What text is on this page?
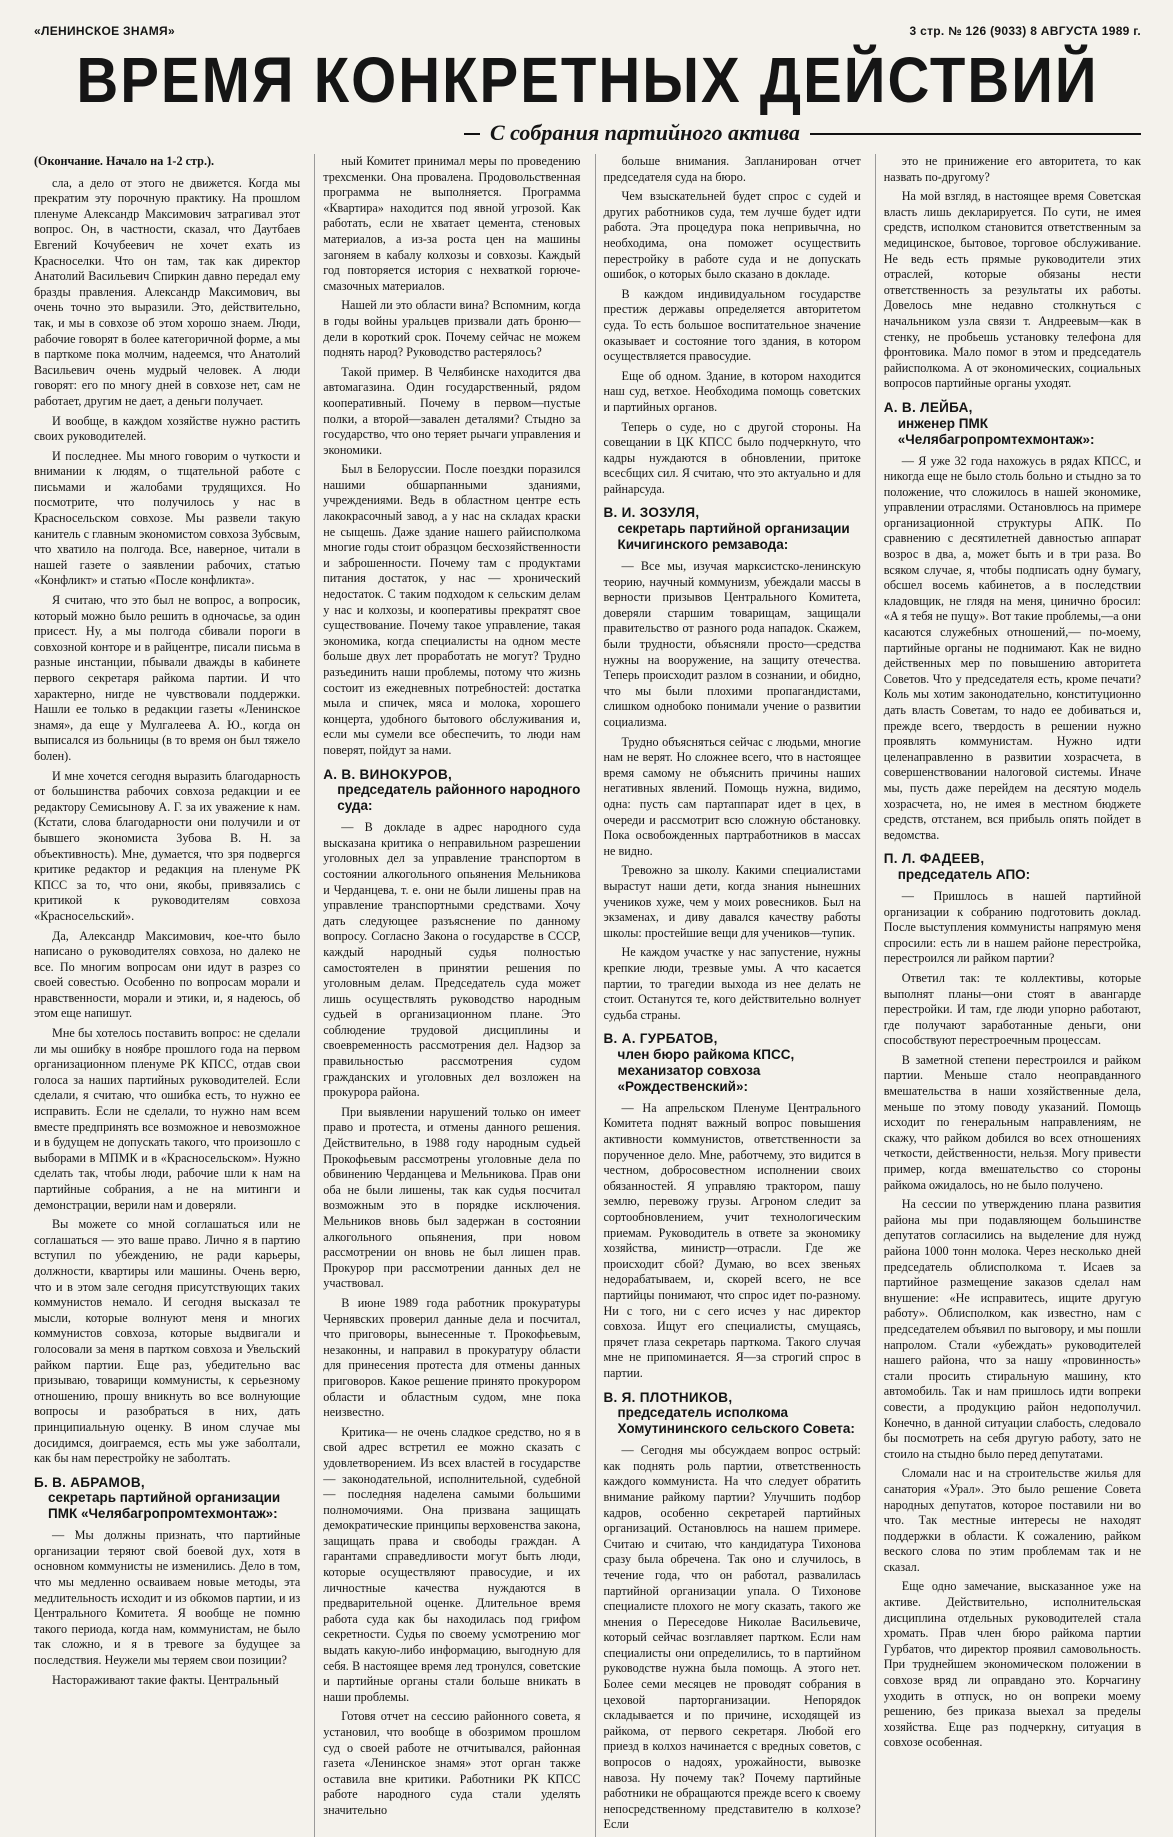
«ЛЕНИНСКОЕ ЗНАМЯ»	3 стр. № 126 (9033) 8 АВГУСТА 1989 г.
ВРЕМЯ КОНКРЕТНЫХ ДЕЙСТВИЙ
С собрания партийного актива

(Окончание. Начало на 1-2 стр.).

сла, а дело от этого не движется. Когда мы прекратим эту порочную практику. На прошлом пленуме Александр Максимович затрагивал этот вопрос. Он, в частности, сказал, что Даутбаев Евгений Кочубеевич не хочет ехать из Красноселки. Что он там, так как директор Анатолий Васильевич Спиркин давно передал ему бразды правления. Александр Максимович, вы очень точно это выразили. Это, действительно, так, и мы в совхозе об этом хорошо знаем. Люди, рабочие говорят в более категоричной форме, а мы в парткоме пока молчим, надеемся, что Анатолий Васильевич очень мудрый человек. А люди говорят: его по многу дней в совхозе нет, сам не работает, другим не дает, а деньги получает.

И вообще, в каждом хозяйстве нужно растить своих руководителей.

И последнее. Мы много говорим о чуткости и внимании к людям, о тщательной работе с письмами и жалобами трудящихся. Но посмотрите, что получилось у нас в Красносельском совхозе. Мы развели такую канитель с главным экономистом совхоза Зубсвым, что хватило на полгода. Все, наверное, читали в нашей газете о заявлении рабочих, статью «Конфликт» и статью «После конфликта».

Я считаю, что это был не вопрос, а вопросик, который можно было решить в одночасье, за один присест. Ну, а мы полгода сбивали пороги в совхозной конторе и в райцентре, писали письма в разные инстанции, пбывали дважды в кабинете первого секретаря райкома партии. И что характерно, нигде не чувствовали поддержки. Нашли ее только в редакции газеты «Ленинское знамя», да еще у Мулгалеева А. Ю., когда он выписался из больницы (в то время он был тяжело болен).

И мне хочется сегодня выразить благодарность от большинства рабочих совхоза редакции и ее редактору Семисынову А. Г. за их уважение к нам. (Кстати, слова благодарности они получили и от бывшего экономиста Зубова В. Н. за объективность). Мне, думается, что зря подвергся критике редактор и редакция на пленуме РК КПСС за то, что они, якобы, привязались с критикой к руководителям совхоза «Красносельский».

Да, Александр Максимович, кое-что было написано о руководителях совхоза, но далеко не все. По многим вопросам они идут в разрез со своей совестью. Особенно по вопросам морали и нравственности, морали и этики, и, я надеюсь, об этом еще напишут.

Мне бы хотелось поставить вопрос: не сделали ли мы ошибку в ноябре прошлого года на первом организационном пленуме РК КПСС, отдав свои голоса за наших партийных руководителей. Если сделали, я считаю, что ошибка есть, то нужно ее исправить. Если не сделали, то нужно нам всем вместе предпринять все возможное и невозможное и в будущем не допускать такого, что произошло с выборами в МПМК и в «Красносельском». Нужно сделать так, чтобы люди, рабочие шли к нам на партийные собрания, а не на митинги и демонстрации, верили нам и доверяли.

Вы можете со мной соглашаться или не соглашаться — это ваше право. Лично я в партию вступил по убеждению, не ради карьеры, должности, квартиры или машины. Очень верю, что и в этом зале сегодня присутствующих таких коммунистов немало. И сегодня высказал те мысли, которые волнуют меня и многих коммунистов совхоза, которые выдвигали и голосовали за меня в партком совхоза и Увельский райком партии. Еще раз, убедительно вас призываю, товарищи коммунисты, к серьезному отношению, прошу вникнуть во все волнующие вопросы и разобраться в них, дать принципиальную оценку. В ином случае мы досидимся, доиграемся, есть мы уже заболтали, как бы нам перестройку не заболтать.

Б. В. АБРАМОВ,
секретарь партийной организации ПМК «Челябагропромтехмонтаж»:

— Мы должны признать, что партийные организации теряют свой боевой дух, хотя в основном коммунисты не изменились. Дело в том, что мы медленно осваиваем новые методы, эта медлительность исходит и из обкомов партии, и из Центрального Комитета. Я вообще не помню такого периода, когда нам, коммунистам, не было так сложно, и я в тревоге за будущее за последствия. Неужели мы теряем свои позиции?

Настораживают такие факты. Центральный

ный Комитет принимал меры по проведению трехсменки. Она провалена. Продовольственная программа не выполняется. Программа «Квартира» находится под явной угрозой. Как работать, если не хватает цемента, стеновых материалов, а из-за роста цен на машины загоняем в кабалу колхозы и совхозы. Каждый год повторяется история с нехваткой горюче-смазочных материалов.

Нашей ли это области вина? Вспомним, когда в годы войны уральцев призвали дать броню—дели в короткий срок. Почему сейчас не можем поднять народ? Руководство растерялось?

Такой пример. В Челябинске находится два автомагазина. Один государственный, рядом кооперативный. Почему в первом—пустые полки, а второй—завален деталями? Стыдно за государство, что оно теряет рычаги управления и экономики.

Был в Белоруссии. После поездки поразился нашими обшарпанными зданиями, учреждениями. Ведь в областном центре есть лакокрасочный завод, а у нас на складах краски не сыщешь. Даже здание нашего райисполкома многие годы стоит образцом бесхозяйственности и заброшенности. Почему там с продуктами питания достаток, у нас — хронический недостаток. С таким подходом к сельским делам у нас и колхозы, и кооперативы прекратят свое существование. Почему такое управление, такая экономика, когда специалисты на одном месте больше двух лет проработать не могут? Трудно разъединить наши проблемы, потому что жизнь состоит из ежедневных потребностей: достатка мыла и спичек, мяса и молока, хорошего концерта, удобного бытового обслуживания и, если мы сумели все обеспечить, то люди нам поверят, пойдут за нами.

А. В. ВИНОКУРОВ,
председатель районного народного суда:

— В докладе в адрес народного суда высказана критика о неправильном разрешении уголовных дел за управление транспортом в состоянии алкогольного опьянения Мельникова и Черданцева, т. е. они не были лишены прав на управление транспортными средствами. Хочу дать следующее разъяснение по данному вопросу. Согласно Закона о государстве в СССР, каждый народный судья полностью самостоятелен в принятии решения по уголовным делам. Председатель суда может лишь осуществлять руководство народным судьей в организационном плане. Это соблюдение трудовой дисциплины и своевременность рассмотрения дел. Надзор за правильностью рассмотрения судом гражданских и уголовных дел возложен на прокурора района.

При выявлении нарушений только он имеет право и протеста, и отмены данного решения. Действительно, в 1988 году народным судьей Прокофьевым рассмотрены уголовные дела по обвинению Черданцева и Мельникова. Прав они оба не были лишены, так как судья посчитал возможным это в порядке исключения. Мельников вновь был задержан в состоянии алкогольного опьянения, при новом рассмотрении он вновь не был лишен прав. Прокурор при рассмотрении данных дел не участвовал.

В июне 1989 года работник прокуратуры Чернявских проверил данные дела и посчитал, что приговоры, вынесенные т. Прокофьевым, незаконны, и направил в прокуратуру области для принесения протеста для отмены данных приговоров. Какое решение принято прокурором области и областным судом, мне пока неизвестно.

Критика— не очень сладкое средство, но я в свой адрес встретил ее можно сказать с удовлетворением. Из всех властей в государстве — законодательной, исполнительной, судебной — последняя наделена самыми большими полномочиями. Она призвана защищать демократические принципы верховенства закона, защищать права и свободы граждан. А гарантами справедливости могут быть люди, которые осуществляют правосудие, и их личностные качества нуждаются в предварительной оценке. Длительное время работа суда как бы находилась под грифом секретности. Судья по своему усмотрению мог выдать какую-либо информацию, выгодную для себя. В настоящее время лед тронулся, советские и партийные органы стали больше вникать в наши проблемы.

Готовя отчет на сессию районного совета, я установил, что вообще в обозримом прошлом суд о своей работе не отчитывался, районная газета «Ленинское знамя» этот орган также оставила вне критики. Работники РК КПСС работе народного суда стали уделять значительно

больше внимания. Запланирован отчет председателя суда на бюро.

Чем взыскательней будет спрос с судей и других работников суда, тем лучше будет идти работа. Эта процедура пока непривычна, но необходима, она поможет осуществить перестройку в работе суда и не допускать ошибок, о которых было сказано в докладе.

В каждом индивидуальном государстве престиж державы определяется авторитетом суда. То есть большое воспитательное значение оказывает и состояние того здания, в котором осуществляется правосудие.

Еще об одном. Здание, в котором находится наш суд, ветхое. Необходима помощь советских и партийных органов.

Теперь о суде, но с другой стороны. На совещании в ЦК КПСС было подчеркнуто, что кадры нуждаются в обновлении, притоке всесбщих сил. Я считаю, что это актуально и для райнарсуда.

В. И. ЗОЗУЛЯ,
секретарь партийной организации Кичигинского ремзавода:

— Все мы, изучая марксистско-ленинскую теорию, научный коммунизм, убеждали массы в верности призывов Центрального Комитета, доверяли старшим товарищам, защищали правительство от разного рода нападок. Скажем, были трудности, объясняли просто—средства нужны на вооружение, на защиту отечества. Теперь происходит разлом в сознании, и обидно, что мы были плохими пропагандистами, слишком однобоко понимали учение о развитии социализма.

Трудно объясняться сейчас с людьми, многие нам не верят. Но сложнее всего, что в настоящее время самому не объяснить причины наших негативных явлений. Помощь нужна, видимо, одна: пусть сам партаппарат идет в цех, в очереди и рассмотрит всю сложную обстановку. Пока освобожденных партработников в массах не видно.

Тревожно за школу. Какими специалистами вырастут наши дети, когда знания нынешних учеников хуже, чем у моих ровесников. Был на экзаменах, и диву давался качеству работы школы: простейшие вещи для учеников—тупик.

Не каждом участке у нас запустение, нужны крепкие люди, трезвые умы. А что касается партии, то трагедии выхода из нее делать не стоит. Останутся те, кого действительно волнует судьба страны.

В. А. ГУРБАТОВ,
член бюро райкома КПСС, механизатор совхоза «Рождественский»:

— На апрельском Пленуме Центрального Комитета поднят важный вопрос повышения активности коммунистов, ответственности за порученное дело. Мне, работчему, это видится в честном, добросовестном исполнении своих обязанностей. Я управляю трактором, пашу землю, перевожу грузы. Агроном следит за сортообновлением, учит технологическим приемам. Руководитель в ответе за экономику хозяйства, министр—отрасли. Где же происходит сбой? Думаю, во всех звеньях недорабатываем, и, скорей всего, не все партийцы понимают, что спрос идет по-разному. Ни с того, ни с сего исчез у нас директор совхоза. Ищут его специалисты, смущаясь, прячет глаза секретарь парткома. Такого случая мне не припоминается. Я—за строгий спрос в партии.

В. Я. ПЛОТНИКОВ,
председатель исполкома Хомутининского сельского Совета:

— Сегодня мы обсуждаем вопрос острый: как поднять роль партии, ответственность каждого коммуниста. На что следует обратить внимание райкому партии? Улучшить подбор кадров, особенно секретарей партийных организаций. Остановлюсь на нашем примере. Считаю и считаю, что кандидатура Тихонова сразу была обречена. Так оно и случилось, в течение года, что он работал, развалилась партийной организации упала. О Тихонове специалисте плохого не могу сказать, такого же мнения о Переседове Николае Васильевиче, который сейчас возглавляет партком. Если нам специалисты они определились, то в партийном руководстве нужна была помощь. А этого нет. Более семи месяцев не проводят собрания в цеховой парторганизации. Непорядок складывается и по причине, исходящей из райкома, от первого секретаря. Любой его приезд в колхоз начинается с вредных советов, с вопросов о надоях, урожайности, вывозке навоза. Ну почему так? Почему партийные работники не обращаются прежде всего к своему непосредственному представителю в колхозе? Если

это не принижение его авторитета, то как назвать по-другому?

На мой взгляд, в настоящее время Советская власть лишь декларируется. По сути, не имея средств, исполком становится ответственным за медицинское, бытовое, торговое обслуживание. Не ведь есть прямые руководители этих отраслей, которые обязаны нести ответственность за результаты их работы. Довелось мне недавно столкнуться с начальником узла связи т. Андреевым—как в стенку, не пробьешь установку телефона для фронтовика. Мало помог в этом и председатель райисполкома. А от экономических, социальных вопросов партийные органы уходят.

А. В. ЛЕЙБА,
инженер ПМК «Челябагропромтехмонтаж»:

— Я уже 32 года нахожусь в рядах КПСС, и никогда еще не было столь больно и стыдно за то положение, что сложилось в нашей экономике, управлении отраслями. Остановлюсь на примере организационной структуры АПК. По сравнению с десятилетней давностью аппарат возрос в два, а, может быть и в три раза. Во всяком случае, я, чтобы подписать одну бумагу, обсшел восемь кабинетов, а в последствии кладовщик, не глядя на меня, цинично бросил: «А я тебя не пущу». Вот такие проблемы,—а они касаются служебных отношений,— по-моему, партийные органы не поднимают. Как не видно действенных мер по повышению авторитета Советов. Что у председателя есть, кроме печати? Коль мы хотим законодательно, конституционно дать власть Советам, то надо ее добиваться и, прежде всего, твердость в решении нужно проявлять коммунистам. Нужно идти целенаправленно в развитии хозрасчета, в совершенствовании налоговой системы. Иначе мы, пусть даже перейдем на десятую модель хозрасчета, но, не имея в местном бюджете средств, отстанем, вся прибыль опять пойдет в ведомства.

П. Л. ФАДЕЕВ,
председатель АПО:

— Пришлось в нашей партийной организации к собранию подготовить доклад. После выступления коммунисты напрямую меня спросили: есть ли в нашем районе перестройка, перестроился ли райком партии?

Ответил так: те коллективы, которые выполнят планы—они стоят в авангарде перестройки. И там, где люди упорно работают, где получают заработанные деньги, они способствуют перестроечным процессам.

В заметной степени перестроился и райком партии. Меньше стало неоправданного вмешательства в наши хозяйственные дела, меньше по этому поводу указаний. Помощь исходит по генеральным направлениям, не скажу, что райком добился во всех отношениях четкости, действенности, нельзя. Могу привести пример, когда вмешательство со стороны райкома ожидалось, но не было получено.

На сессии по утверждению плана развития района мы при подавляющем большинстве депутатов согласились на выделение для нужд района 1000 тонн молока. Через несколько дней председатель облисполкома т. Исаев за партийное размещение заказов сделал нам внушение: «Не исправитесь, ищите другую работу». Облисполком, как известно, нам с председателем объявил по выговору, и мы пошли напролом. Стали «убеждать» руководителей нашего района, что за нашу «провинность» стали просить стиральную машину, кто автомобиль. Так и нам пришлось идти вопреки совести, а продукцию район недополучил. Конечно, в данной ситуации слабость, следовало бы посмотреть на себя другую работу, зато не стоило на стыдно было перед депутатами.

Сломали нас и на строительстве жилья для санатория «Урал». Это было решение Совета народных депутатов, которое поставили ни во что. Так местные интересы не находят поддержки в области. К сожалению, райком веского слова по этим проблемам так и не сказал.

Еще одно замечание, высказанное уже на активе. Действительно, исполнительская дисциплина отдельных руководителей стала хромать. Прав член бюро райкома партии Гурбатов, что директор проявил самовольность. При труднейшем экономическом положении в совхозе вряд ли оправдано это. Корчагину уходить в отпуск, но он вопреки моему решению, без приказа выехал за пределы хозяйства. Еще раз подчеркну, ситуация в совхозе особенная.
